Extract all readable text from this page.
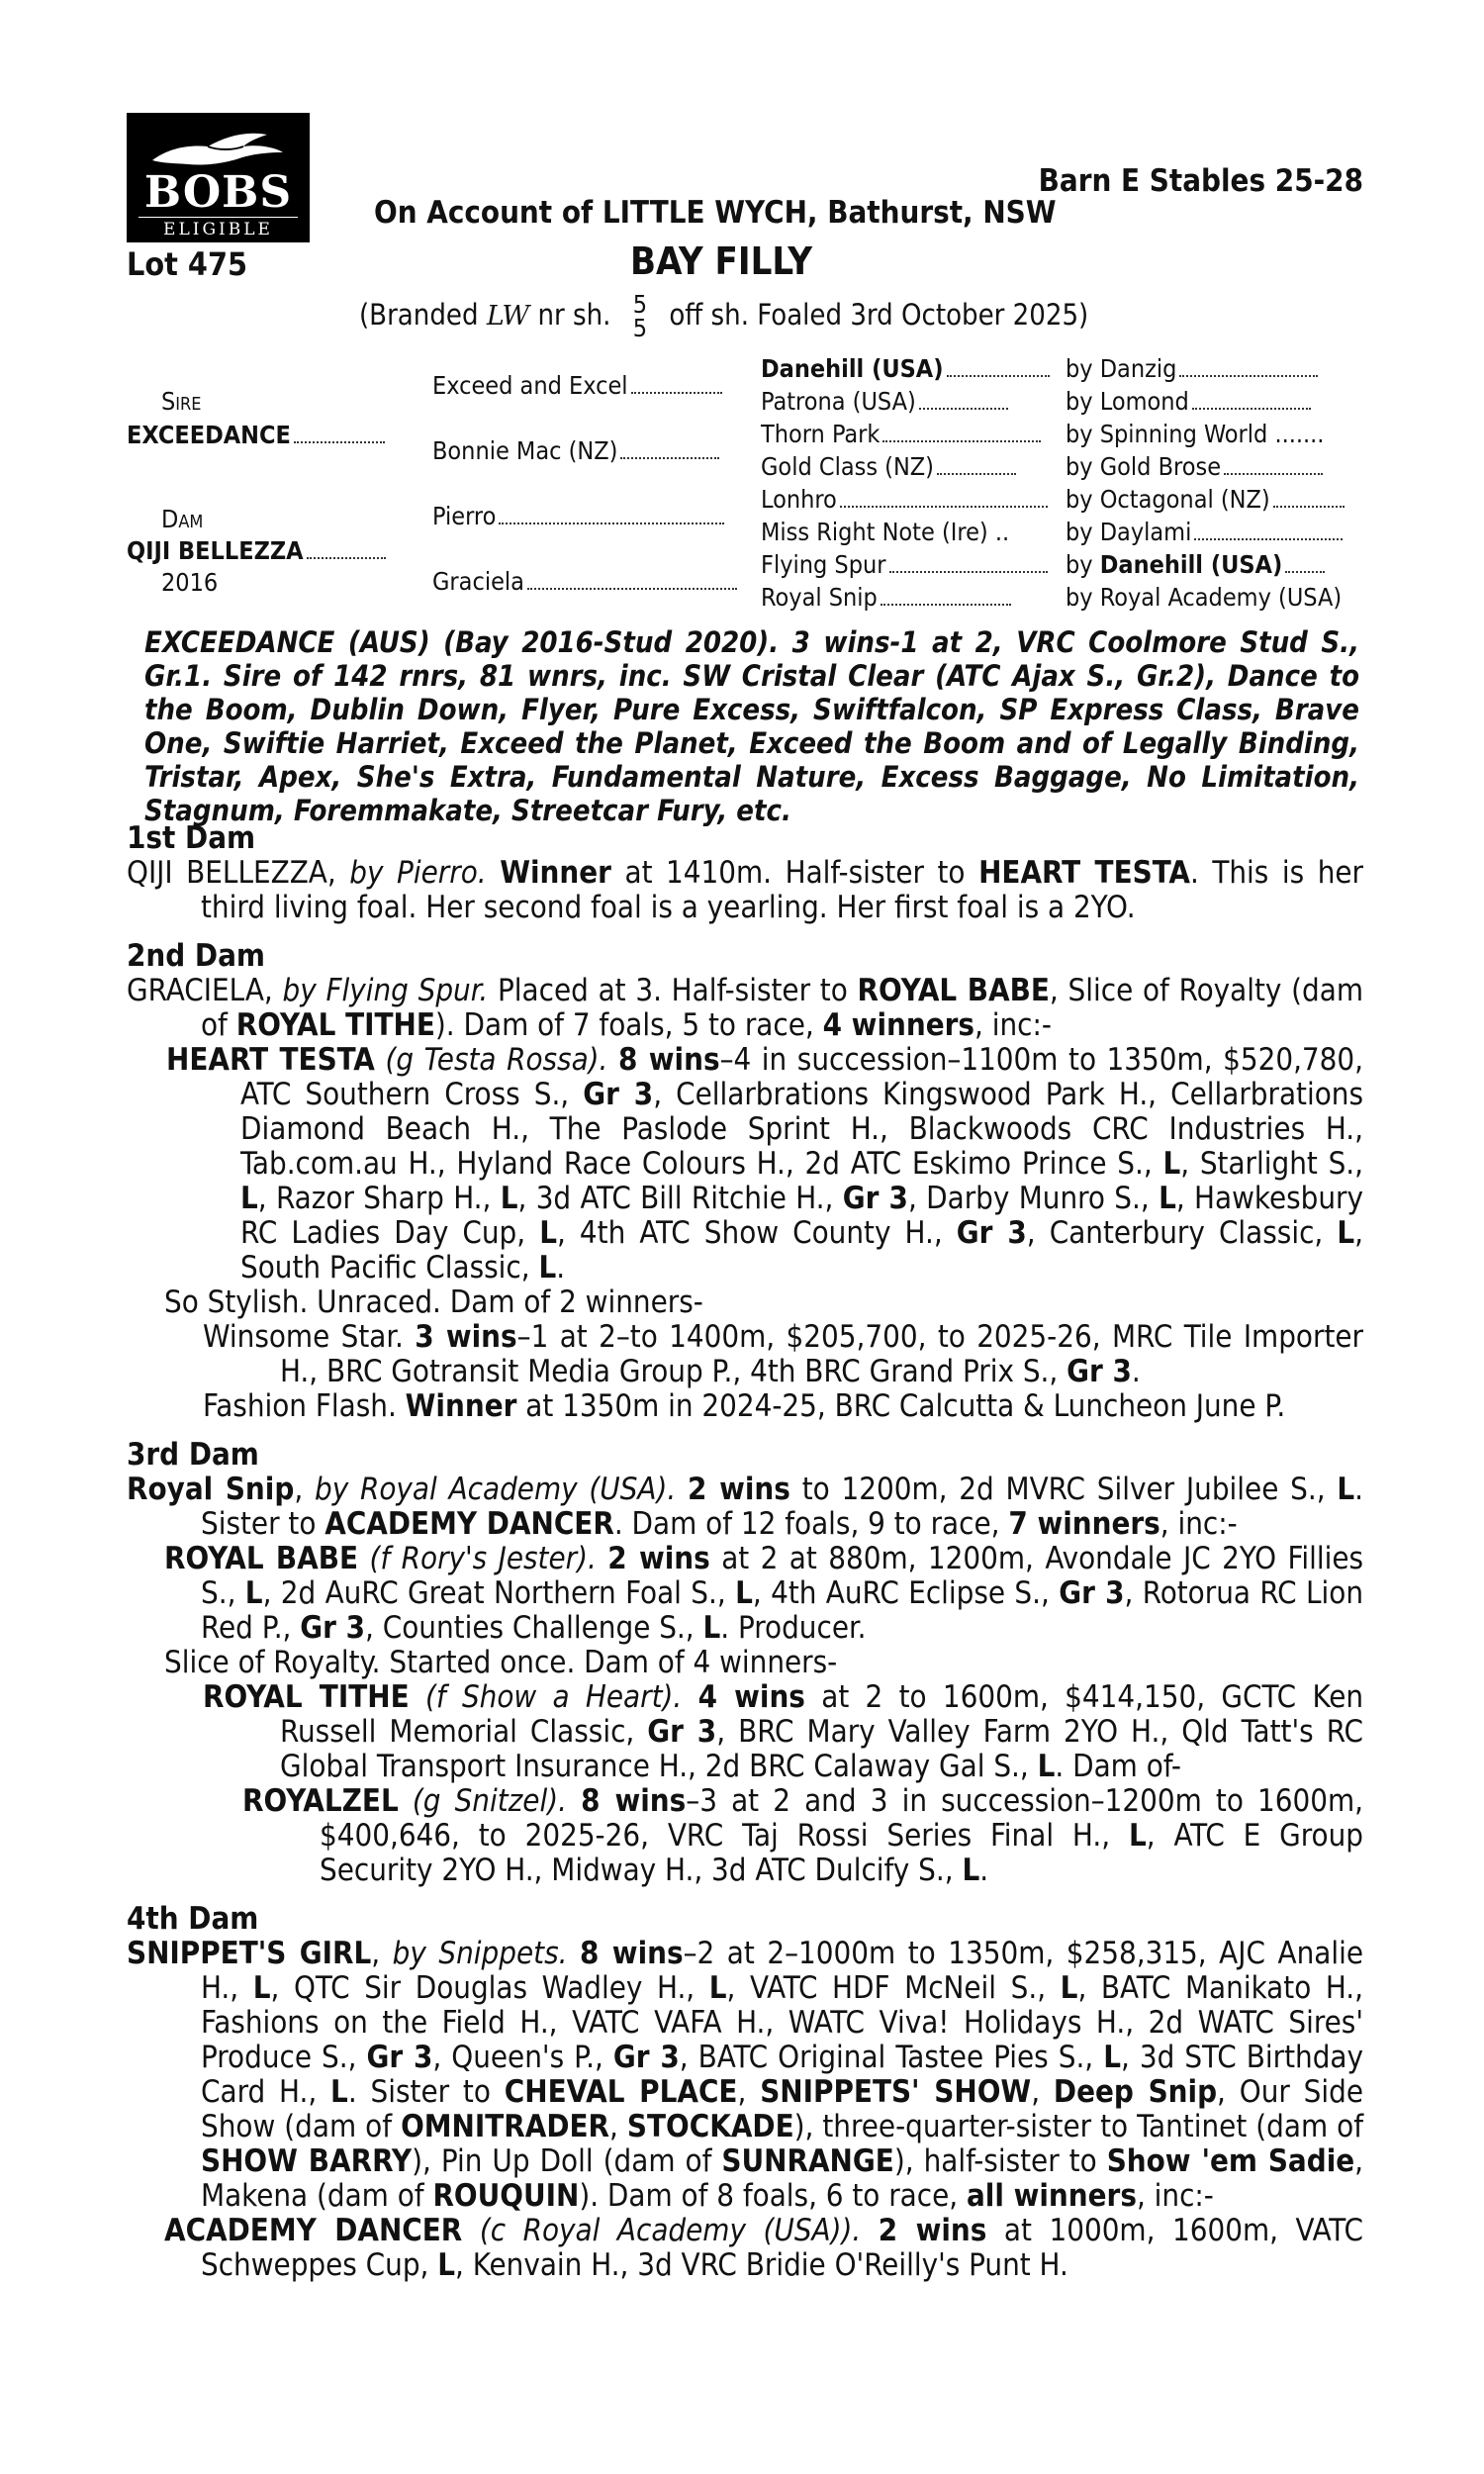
BOBS
ELIGIBLE
Barn E Stables 25-28
On Account of LITTLE WYCH, Bathurst, NSW
Lot 475	BAY FILLY
(Branded LW nr sh. 5
5 off sh. Foaled 3rd October 2025)
Sire
EXCEEDANCE
Dam
QIJI BELLEZZA
2016
Exceed and Excel
Bonnie Mac (NZ)
Pierro
Graciela
Danehill (USA)
Patrona (USA)
Thorn Park
Gold Class (NZ)
Lonhro
Miss Right Note (Ire) ..
Flying Spur
Royal Snip
by Danzig
by Lomond
by Spinning World .......
by Gold Brose
by Octagonal (NZ)
by Daylami
by Danehill (USA)
by Royal Academy (USA)
EXCEEDANCE (AUS) (Bay 2016-Stud 2020). 3 wins-1 at 2, VRC Coolmore Stud S., Gr.1. Sire of 142 rnrs, 81 wnrs, inc. SW Cristal Clear (ATC Ajax S., Gr.2), Dance to the Boom, Dublin Down, Flyer, Pure Excess, Swiftfalcon, SP Express Class, Brave One, Swiftie Harriet, Exceed the Planet, Exceed the Boom and of Legally Binding, Tristar, Apex, She's Extra, Fundamental Nature, Excess Baggage, No Limitation, Stagnum, Foremmakate, Streetcar Fury, etc.

1st Dam

QIJI BELLEZZA, by Pierro. Winner at 1410m. Half-sister to HEART TESTA. This is her third living foal. Her second foal is a yearling. Her first foal is a 2YO.

2nd Dam

GRACIELA, by Flying Spur. Placed at 3. Half-sister to ROYAL BABE, Slice of Royalty (dam of ROYAL TITHE). Dam of 7 foals, 5 to race, 4 winners, inc:-

HEART TESTA (g Testa Rossa). 8 wins–4 in succession–1100m to 1350m, $520,780, ATC Southern Cross S., Gr 3, Cellarbrations Kingswood Park H., Cellarbrations Diamond Beach H., The Paslode Sprint H., Blackwoods CRC Industries H., Tab.com.au H., Hyland Race Colours H., 2d ATC Eskimo Prince S., L, Starlight S., L, Razor Sharp H., L, 3d ATC Bill Ritchie H., Gr 3, Darby Munro S., L, Hawkesbury RC Ladies Day Cup, L, 4th ATC Show County H., Gr 3, Canterbury Classic, L, South Pacific Classic, L.

So Stylish. Unraced. Dam of 2 winners-

Winsome Star. 3 wins–1 at 2–to 1400m, $205,700, to 2025-26, MRC Tile Importer H., BRC Gotransit Media Group P., 4th BRC Grand Prix S., Gr 3.

Fashion Flash. Winner at 1350m in 2024-25, BRC Calcutta & Luncheon June P.

3rd Dam

Royal Snip, by Royal Academy (USA). 2 wins to 1200m, 2d MVRC Silver Jubilee S., L. Sister to ACADEMY DANCER. Dam of 12 foals, 9 to race, 7 winners, inc:-

ROYAL BABE (f Rory's Jester). 2 wins at 2 at 880m, 1200m, Avondale JC 2YO Fillies S., L, 2d AuRC Great Northern Foal S., L, 4th AuRC Eclipse S., Gr 3, Rotorua RC Lion Red P., Gr 3, Counties Challenge S., L. Producer.

Slice of Royalty. Started once. Dam of 4 winners-

ROYAL TITHE (f Show a Heart). 4 wins at 2 to 1600m, $414,150, GCTC Ken Russell Memorial Classic, Gr 3, BRC Mary Valley Farm 2YO H., Qld Tatt's RC Global Transport Insurance H., 2d BRC Calaway Gal S., L. Dam of-

ROYALZEL (g Snitzel). 8 wins–3 at 2 and 3 in succession–1200m to 1600m, $400,646, to 2025-26, VRC Taj Rossi Series Final H., L, ATC E Group Security 2YO H., Midway H., 3d ATC Dulcify S., L.

4th Dam

SNIPPET'S GIRL, by Snippets. 8 wins–2 at 2–1000m to 1350m, $258,315, AJC Analie H., L, QTC Sir Douglas Wadley H., L, VATC HDF McNeil S., L, BATC Manikato H., Fashions on the Field H., VATC VAFA H., WATC Viva! Holidays H., 2d WATC Sires' Produce S., Gr 3, Queen's P., Gr 3, BATC Original Tastee Pies S., L, 3d STC Birthday Card H., L. Sister to CHEVAL PLACE, SNIPPETS' SHOW, Deep Snip, Our Side Show (dam of OMNITRADER, STOCKADE), three-quarter-sister to Tantinet (dam of SHOW BARRY), Pin Up Doll (dam of SUNRANGE), half-sister to Show 'em Sadie, Makena (dam of ROUQUIN). Dam of 8 foals, 6 to race, all winners, inc:-

ACADEMY DANCER (c Royal Academy (USA)). 2 wins at 1000m, 1600m, VATC Schweppes Cup, L, Kenvain H., 3d VRC Bridie O'Reilly's Punt H.
